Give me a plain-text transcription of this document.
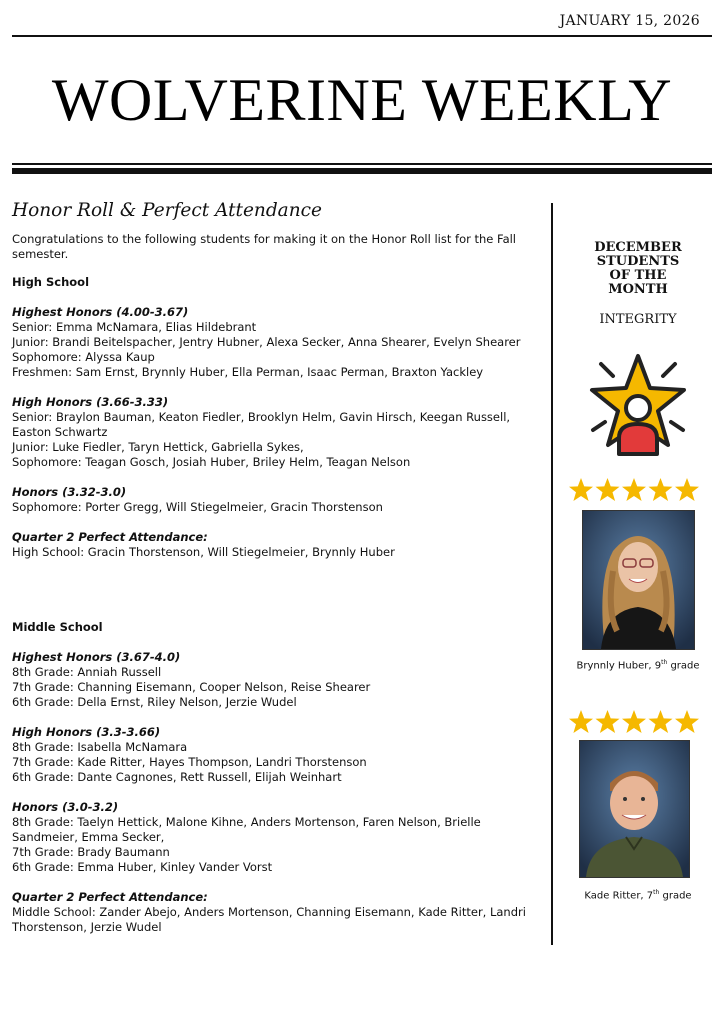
JANUARY 15, 2026
WOLVERINE WEEKLY
Honor Roll & Perfect Attendance

Congratulations to the following students for making it on the Honor Roll list for the Fall semester.

High School

Highest Honors (4.00-3.67)

Senior: Emma McNamara, Elias Hildebrant

Junior: Brandi Beitelspacher, Jentry Hubner, Alexa Secker, Anna Shearer, Evelyn Shearer

Sophomore: Alyssa Kaup

Freshmen: Sam Ernst, Brynnly Huber, Ella Perman, Isaac Perman, Braxton Yackley

High Honors (3.66-3.33)

Senior: Braylon Bauman, Keaton Fiedler, Brooklyn Helm, Gavin Hirsch, Keegan Russell, Easton Schwartz

Junior: Luke Fiedler, Taryn Hettick, Gabriella Sykes,

Sophomore: Teagan Gosch, Josiah Huber, Briley Helm, Teagan Nelson

Honors (3.32-3.0)

Sophomore: Porter Gregg, Will Stiegelmeier, Gracin Thorstenson

Quarter 2 Perfect Attendance:

High School: Gracin Thorstenson, Will Stiegelmeier, Brynnly Huber

Middle School

Highest Honors (3.67-4.0)

8th Grade: Anniah Russell

7th Grade: Channing Eisemann, Cooper Nelson, Reise Shearer

6th Grade: Della Ernst, Riley Nelson, Jerzie Wudel

High Honors (3.3-3.66)

8th Grade: Isabella McNamara

7th Grade: Kade Ritter, Hayes Thompson, Landri Thorstenson

6th Grade: Dante Cagnones, Rett Russell, Elijah Weinhart

Honors (3.0-3.2)

8th Grade: Taelyn Hettick, Malone Kihne, Anders Mortenson, Faren Nelson, Brielle Sandmeier, Emma Secker,

7th Grade: Brady Baumann

6th Grade: Emma Huber, Kinley Vander Vorst

Quarter 2 Perfect Attendance:

Middle School: Zander Abejo, Anders Mortenson, Channing Eisemann, Kade Ritter, Landri Thorstenson, Jerzie Wudel

DECEMBER
STUDENTS
OF THE
MONTH
INTEGRITY
Brynnly Huber, 9th grade
Kade Ritter, 7th grade
